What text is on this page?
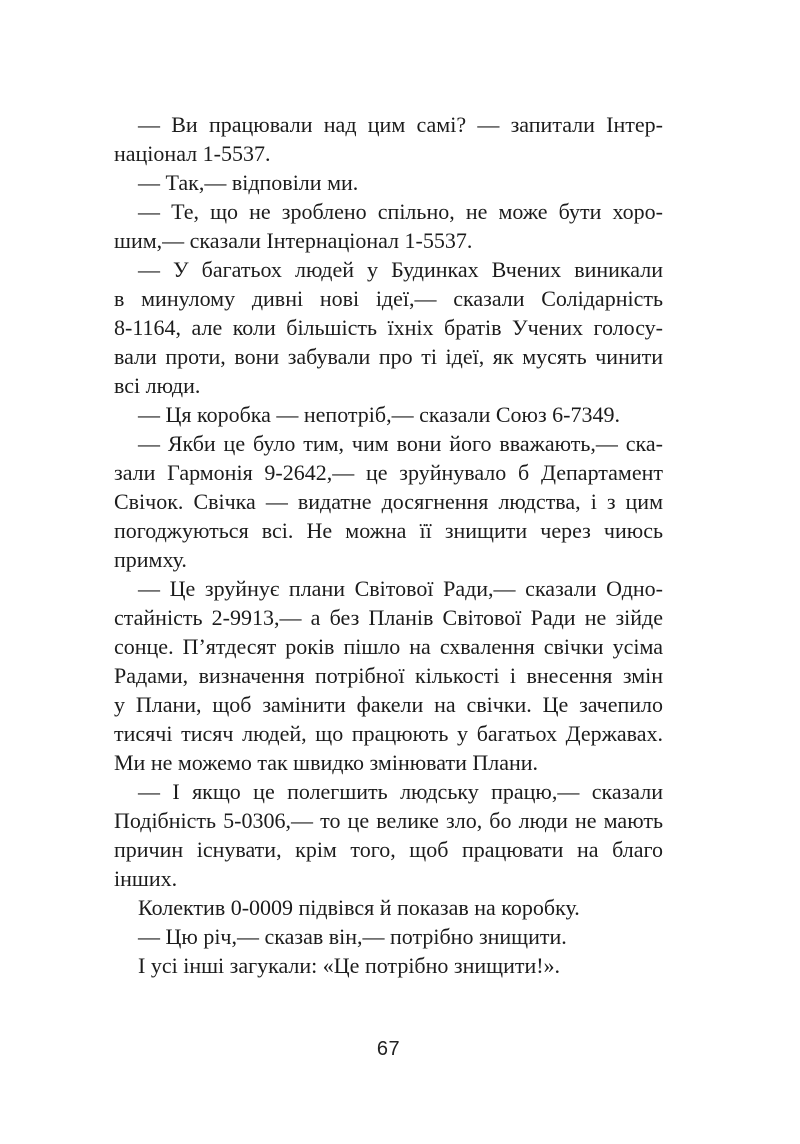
— Ви працювали над цим самі? — запитали Інтер-
націонал 1-5537.

— Так,— відповіли ми.

— Те, що не зроблено спільно, не може бути хоро-
шим,— сказали Інтернаціонал 1-5537.

— У багатьох людей у Будинках Вчених виникали
в минулому дивні нові ідеї,— сказали Солідарність
8-1164, але коли більшість їхніх братів Учених голосу-
вали проти, вони забували про ті ідеї, як мусять чинити
всі люди.

— Ця коробка — непотріб,— сказали Союз 6-7349.

— Якби це було тим, чим вони його вважають,— ска-
зали Гармонія 9-2642,— це зруйнувало б Департамент
Свічок. Свічка — видатне досягнення людства, і з цим
погоджуються всі. Не можна її знищити через чиюсь
примху.

— Це зруйнує плани Світової Ради,— сказали Одно-
стайність 2-9913,— а без Планів Світової Ради не зійде
сонце. П’ятдесят років пішло на схвалення свічки усіма
Радами, визначення потрібної кількості і внесення змін
у Плани, щоб замінити факели на свічки. Це зачепило
тисячі тисяч людей, що працюють у багатьох Державах.
Ми не можемо так швидко змінювати Плани.

— І якщо це полегшить людську працю,— сказали
Подібність 5-0306,— то це велике зло, бо люди не мають
причин існувати, крім того, щоб працювати на благо
інших.

Колектив 0-0009 підвівся й показав на коробку.

— Цю річ,— сказав він,— потрібно знищити.

І усі інші загукали: «Це потрібно знищити!».

67
